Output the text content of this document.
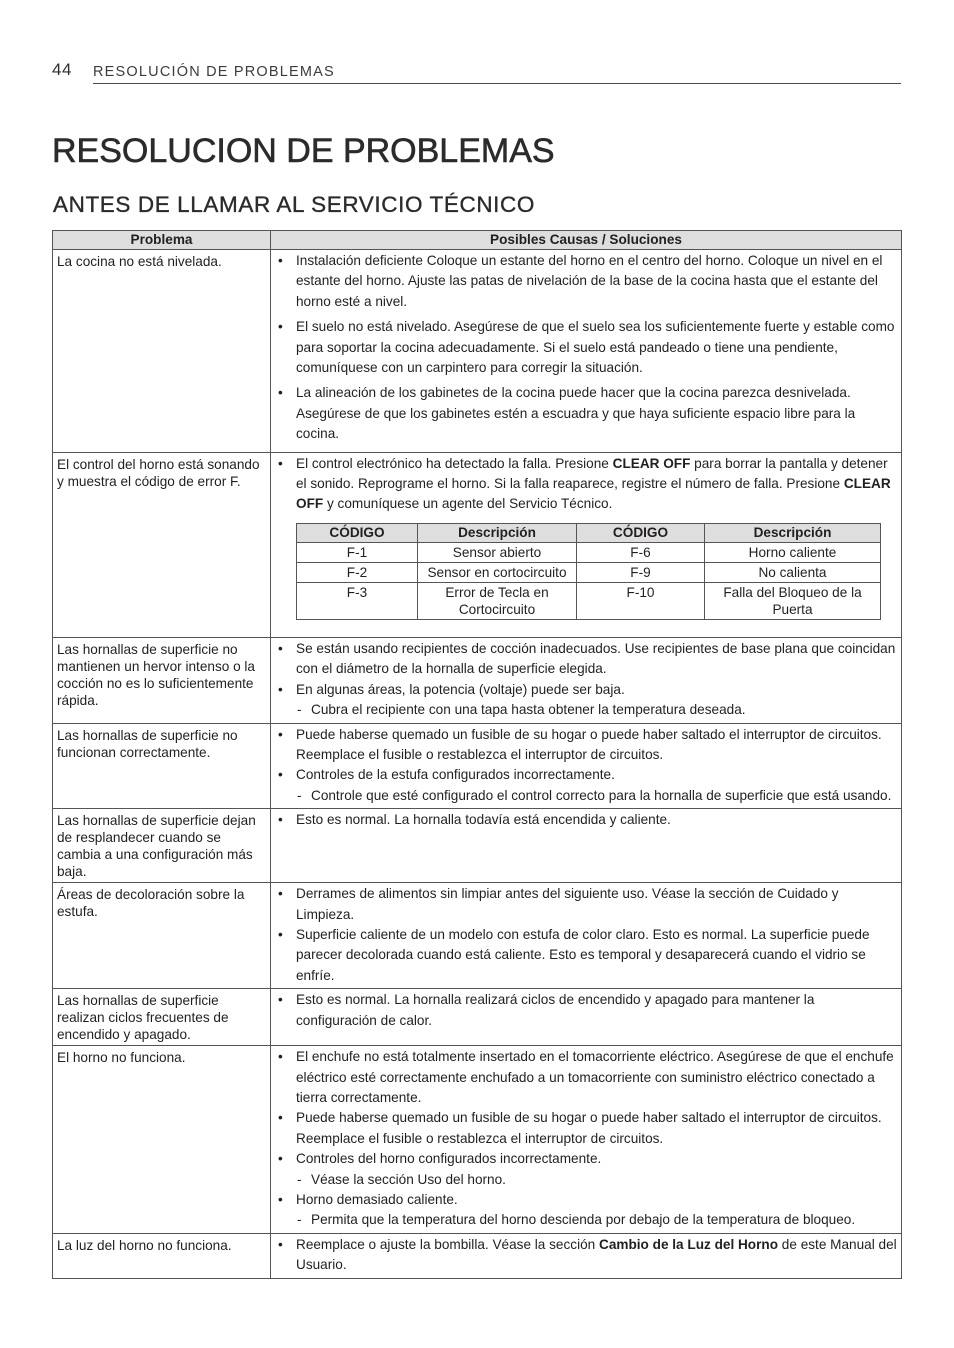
44 RESOLUCIÓN DE PROBLEMAS
RESOLUCION DE PROBLEMAS
ANTES DE LLAMAR AL SERVICIO TÉCNICO
Problema	Posibles Causas / Soluciones
La cocina no está nivelada.	
•Instalación deficiente Coloque un estante del horno en el centro del horno. Coloque un nivel en el estante del horno. Ajuste las patas de nivelación de la base de la cocina hasta que el estante del horno esté a nivel.
• El suelo no está nivelado. Asegúrese de que el suelo sea los suficientemente fuerte y estable como para soportar la cocina adecuadamente. Si el suelo está pandeado o tiene una pendiente, comuníquese con un carpintero para corregir la situación.
• La alineación de los gabinetes de la cocina puede hacer que la cocina parezca desnivelada. Asegúrese de que los gabinetes estén a escuadra y que haya suficiente espacio libre para la cocina.

El control del horno está sonando y muestra el código de error F.	
• El control electrónico ha detectado la falla. Presione CLEAR OFF para borrar la pantalla y detener el sonido. Reprograme el horno. Si la falla reaparece, registre el número de falla. Presione CLEAR OFF y comuníquese un agente del Servicio Técnico.
CÓDIGO	Descripción	CÓDIGO	Descripción
F-1	Sensor abierto	F-6	Horno caliente
F-2	Sensor en cortocircuito	F-9	No calienta
F-3	Error de Tecla en Cortocircuito	F-10	Falla del Bloqueo de la Puerta

Las hornallas de superficie no mantienen un hervor intenso o la cocción no es lo suficientemente rápida.	
• Se están usando recipientes de cocción inadecuados. Use recipientes de base plana que coincidan con el diámetro de la hornalla de superficie elegida.
• En algunas áreas, la potencia (voltaje) puede ser baja.
- Cubra el recipiente con una tapa hasta obtener la temperatura deseada.

Las hornallas de superficie no funcionan correctamente.	
• Puede haberse quemado un fusible de su hogar o puede haber saltado el interruptor de circuitos. Reemplace el fusible o restablezca el interruptor de circuitos.
• Controles de la estufa configurados incorrectamente.
- Controle que esté configurado el control correcto para la hornalla de superficie que está usando.

Las hornallas de superficie dejan de resplandecer cuando se cambia a una configuración más baja.	
• Esto es normal. La hornalla todavía está encendida y caliente.

Áreas de decoloración sobre la estufa.	
• Derrames de alimentos sin limpiar antes del siguiente uso. Véase la sección de Cuidado y Limpieza.
• Superficie caliente de un modelo con estufa de color claro. Esto es normal. La superficie puede parecer decolorada cuando está caliente. Esto es temporal y desaparecerá cuando el vidrio se enfríe.

Las hornallas de superficie realizan ciclos frecuentes de encendido y apagado.	
• Esto es normal. La hornalla realizará ciclos de encendido y apagado para mantener la configuración de calor.

El horno no funciona.	
•El enchufe no está totalmente insertado en el tomacorriente eléctrico. Asegúrese de que el enchufe eléctrico esté correctamente enchufado a un tomacorriente con suministro eléctrico conectado a tierra correctamente.
• Puede haberse quemado un fusible de su hogar o puede haber saltado el interruptor de circuitos. Reemplace el fusible o restablezca el interruptor de circuitos.
• Controles del horno configurados incorrectamente.
- Véase la sección Uso del horno.
• Horno demasiado caliente.
- Permita que la temperatura del horno descienda por debajo de la temperatura de bloqueo.

La luz del horno no funciona.	
•Reemplace o ajuste la bombilla. Véase la sección Cambio de la Luz del Horno de este Manual del Usuario.
